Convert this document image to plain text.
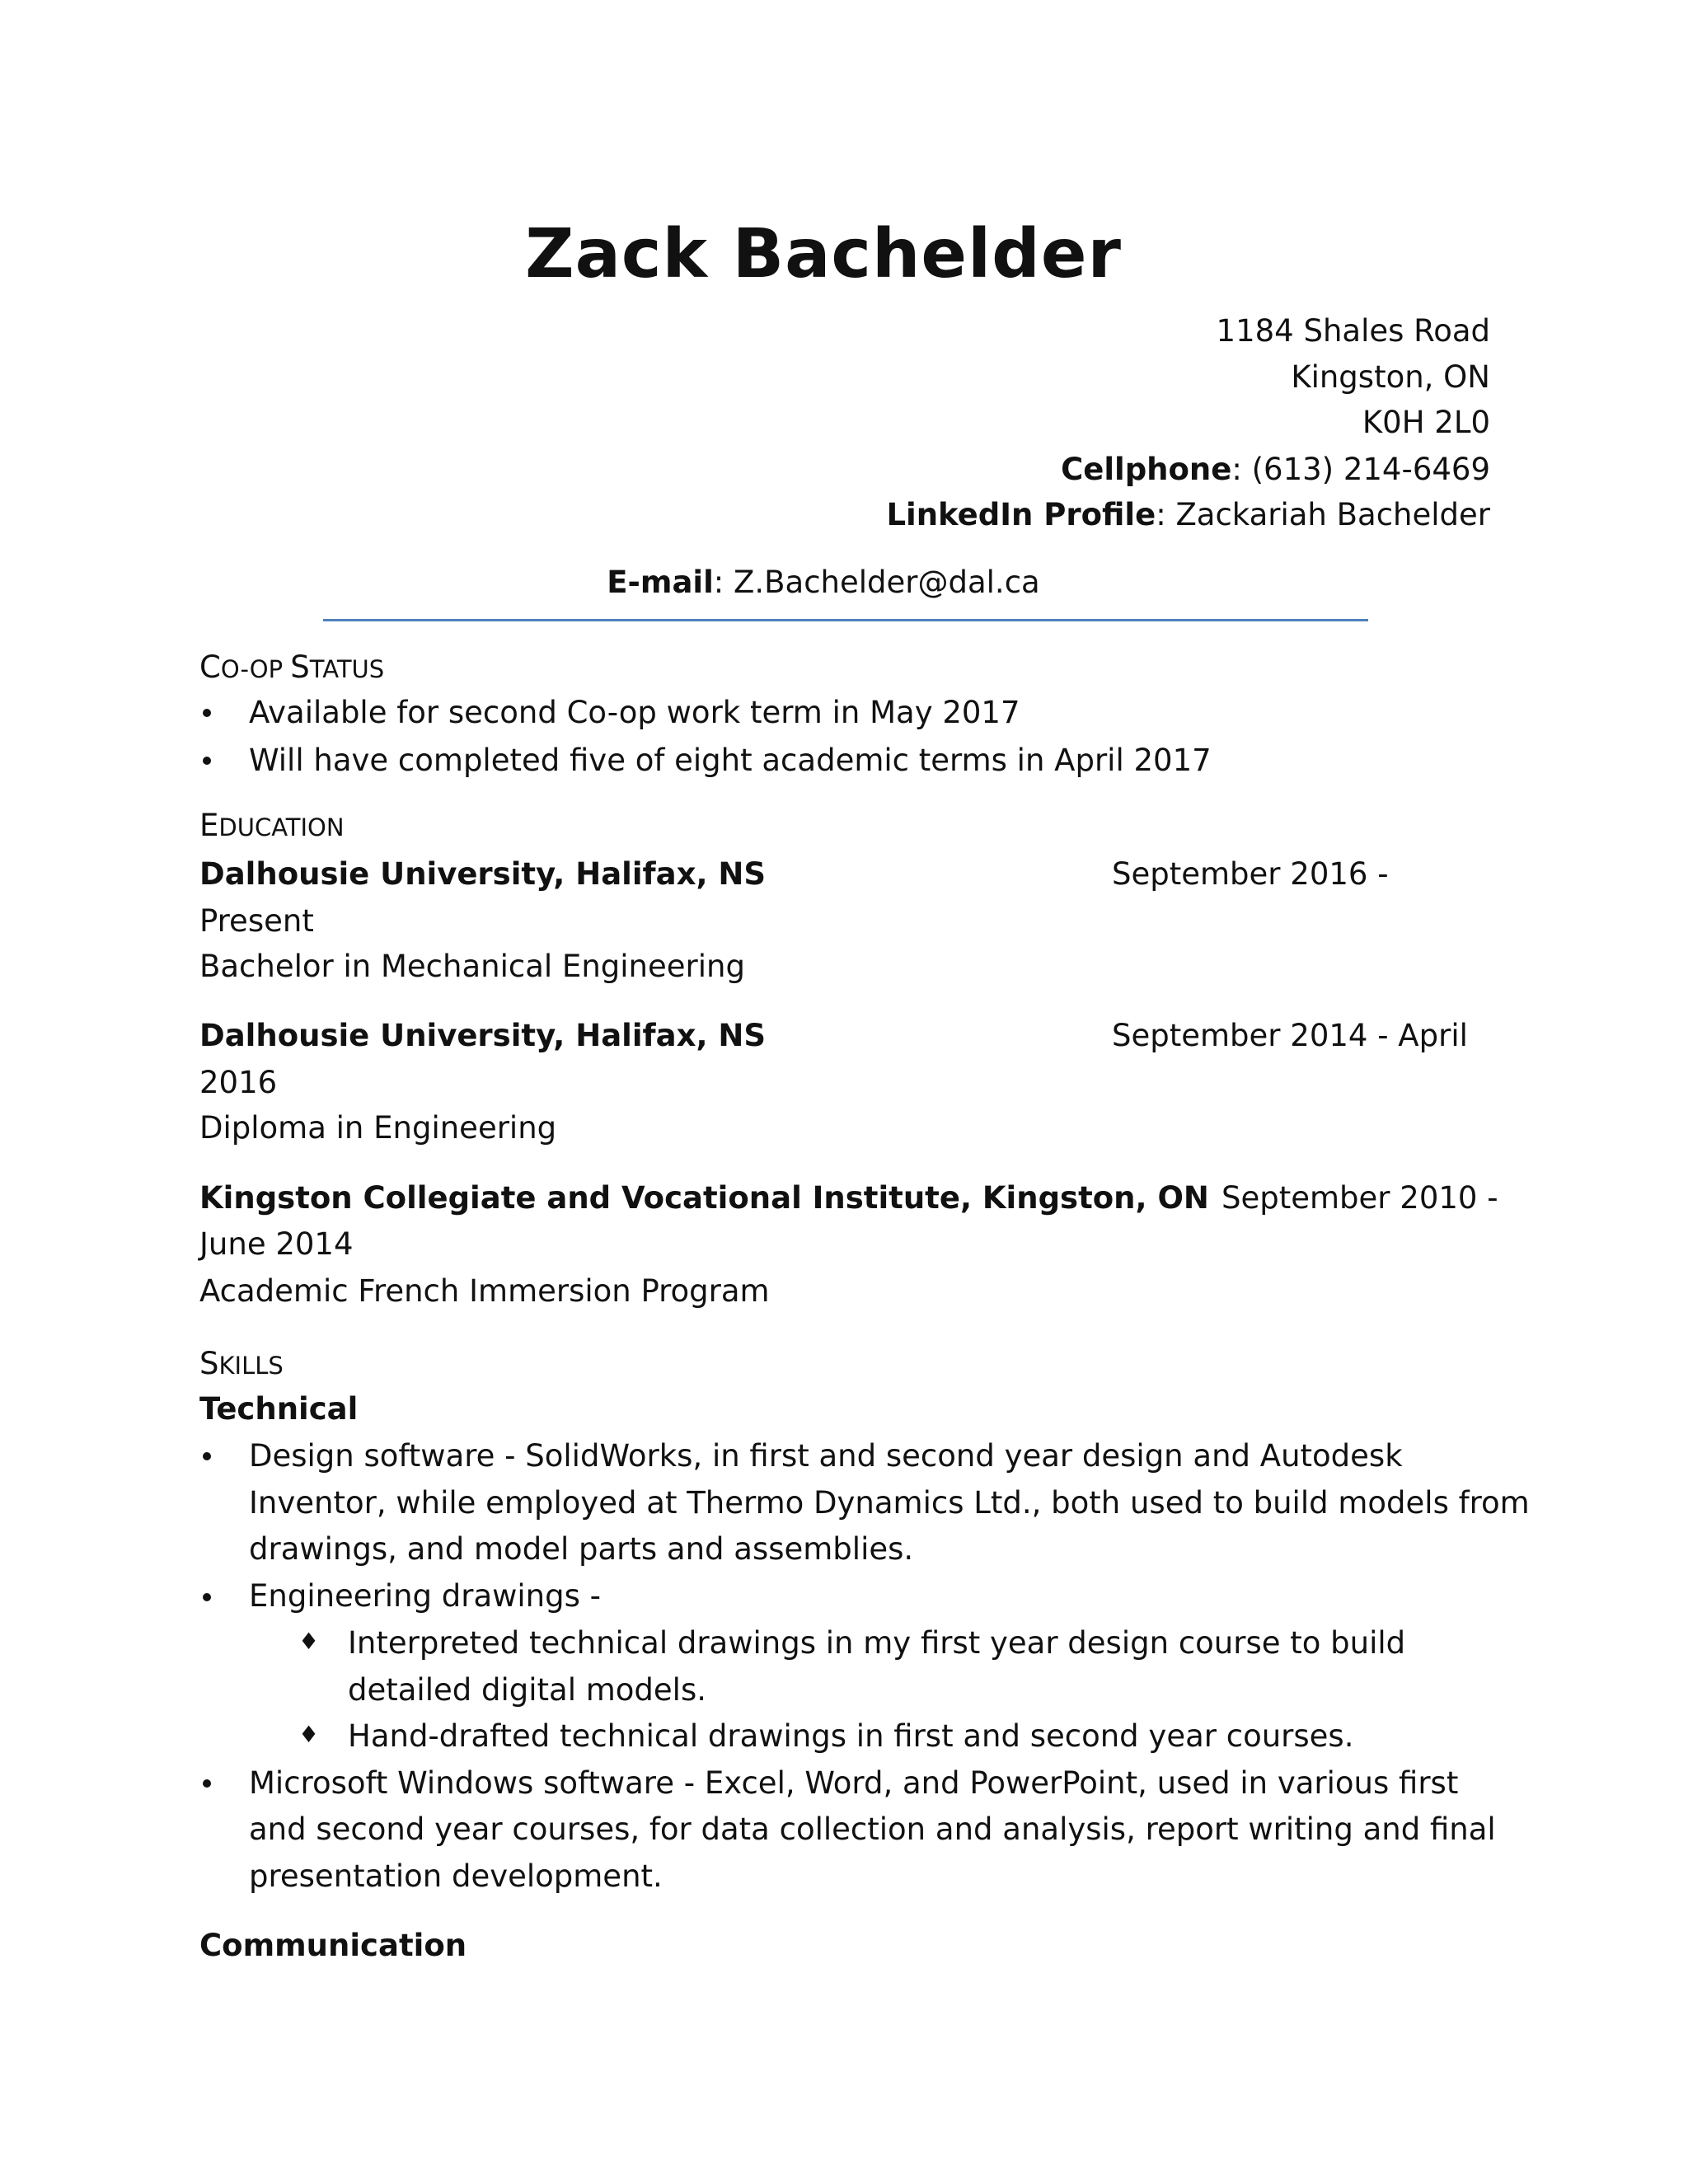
Zack Bachelder
1184 Shales Road
Kingston, ON
K0H 2L0
Cellphone: (613) 214-6469
LinkedIn Profile: Zackariah Bachelder
E-mail: Z.Bachelder@dal.ca
CO-OP STATUS
Available for second Co-op work term in May 2017
Will have completed five of eight academic terms in April 2017
EDUCATION
Dalhousie University, Halifax, NS	September 2016 -
Present
Bachelor in Mechanical Engineering
Dalhousie University, Halifax, NS	September 2014 - April
2016
Diploma in Engineering
Kingston Collegiate and Vocational Institute, Kingston, ON September 2010 -
June 2014
Academic French Immersion Program
SKILLS
Technical
Design software - SolidWorks, in first and second year design and Autodesk
Inventor, while employed at Thermo Dynamics Ltd., both used to build models from
drawings, and model parts and assemblies.
Engineering drawings -
♦ Interpreted technical drawings in my first year design course to build
detailed digital models.
♦ Hand-drafted technical drawings in first and second year courses.
Microsoft Windows software - Excel, Word, and PowerPoint, used in various first
and second year courses, for data collection and analysis, report writing and final
presentation development.
Communication
